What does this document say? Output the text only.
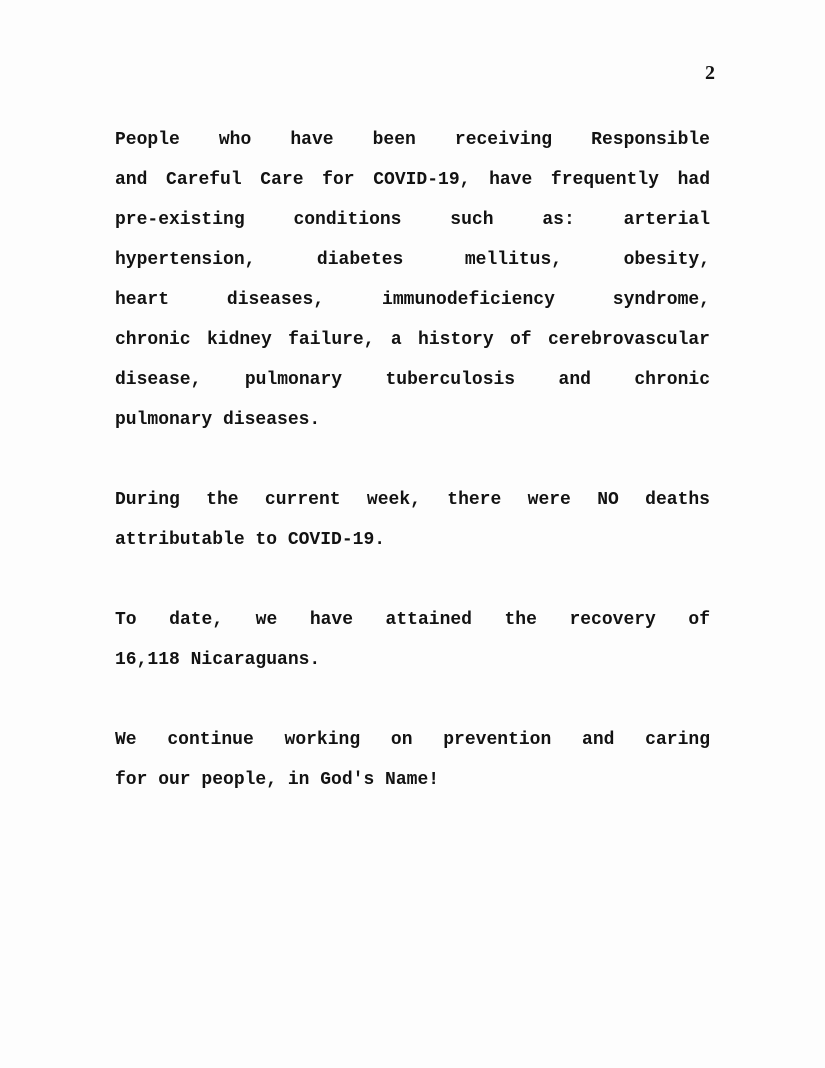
2

People who have been receiving Responsible
and Careful Care for COVID-19, have frequently had
pre-existing conditions such as: arterial
hypertension, diabetes mellitus, obesity,
heart diseases, immunodeficiency syndrome,
chronic kidney failure, a history of cerebrovascular
disease, pulmonary tuberculosis and chronic
pulmonary diseases.

During the current week, there were NO deaths
attributable to COVID-19.

To date, we have attained the recovery of
16,118 Nicaraguans.

We continue working on prevention and caring
for our people, in God's Name!
